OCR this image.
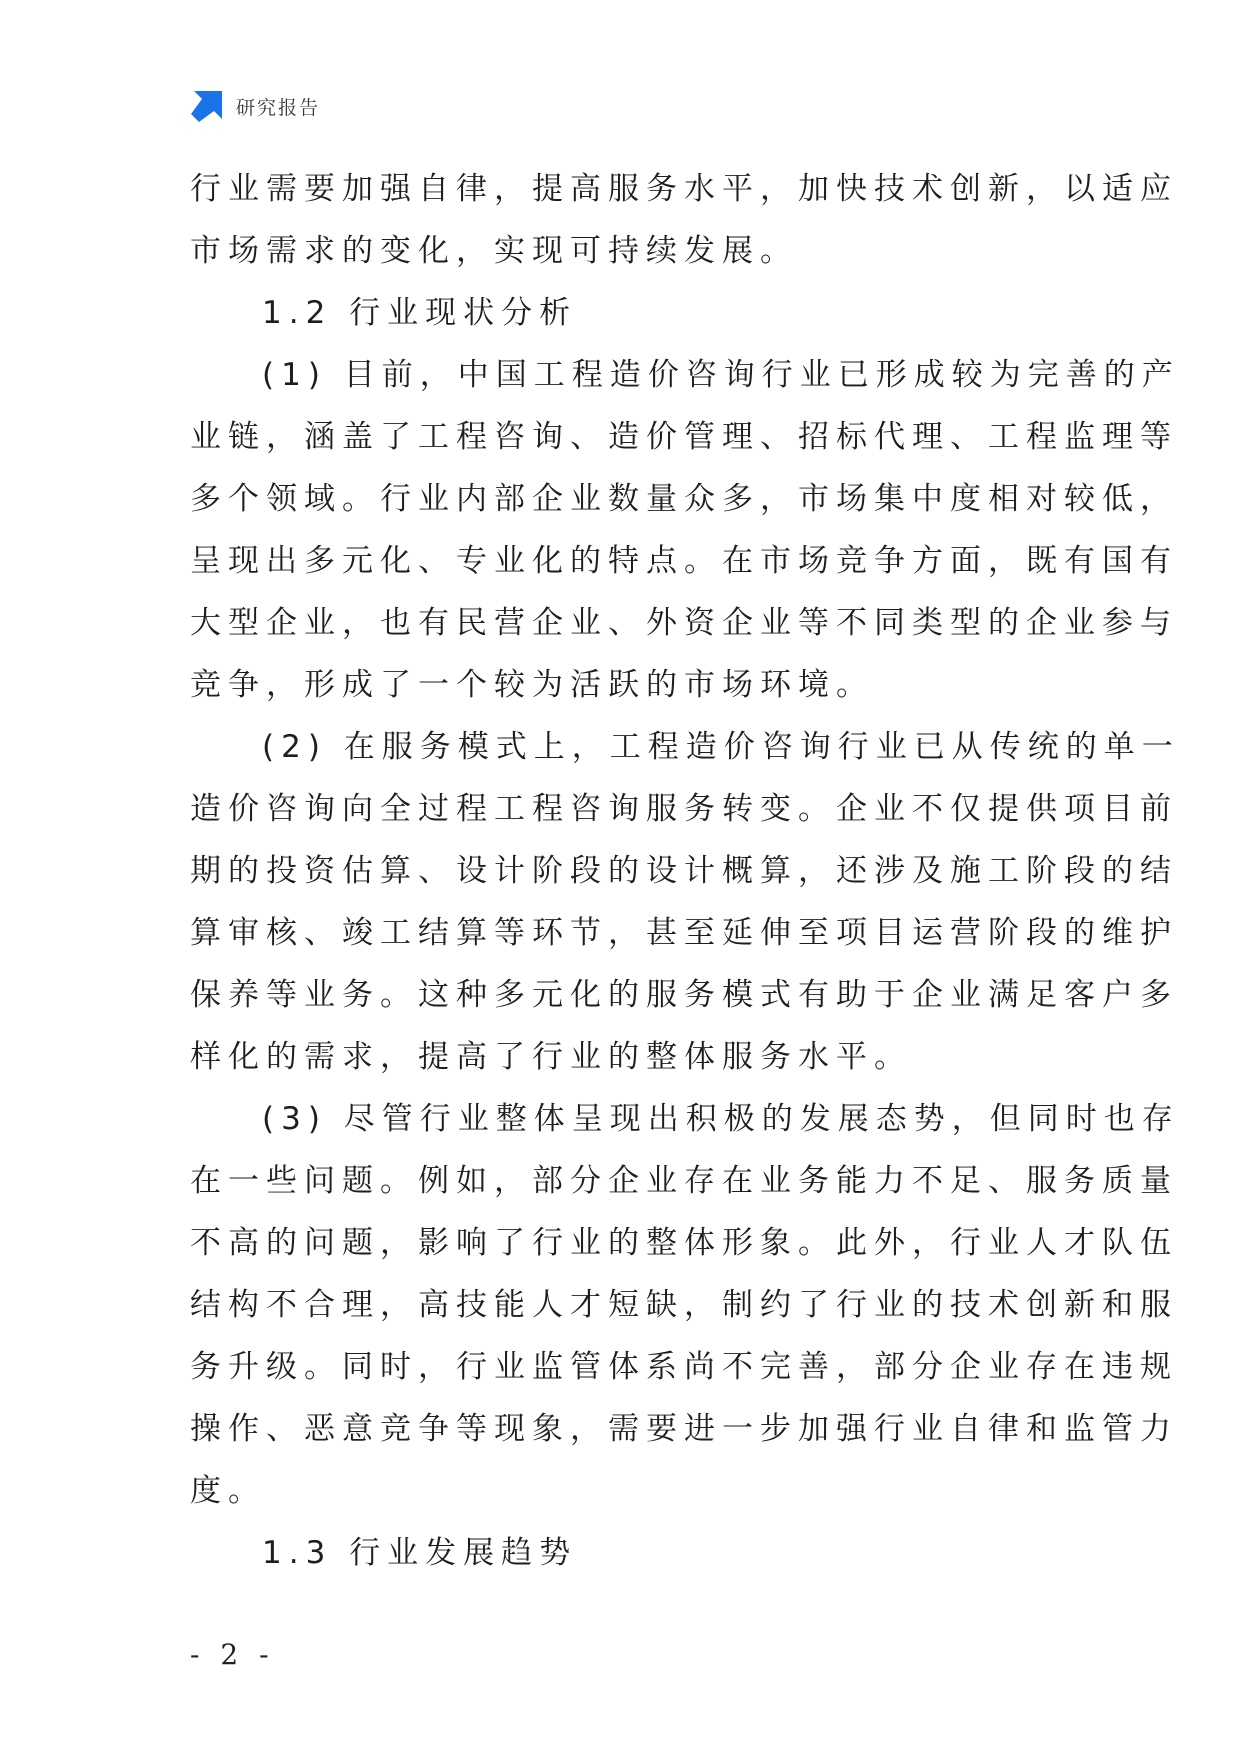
研究报告
行业需要加强自律，提高服务水平，加快技术创新，以适应
市场需求的变化，实现可持续发展。
1.2 行业现状分析
(1) 目前，中国工程造价咨询行业已形成较为完善的产
业链，涵盖了工程咨询、造价管理、招标代理、工程监理等
多个领域。行业内部企业数量众多，市场集中度相对较低，
呈现出多元化、专业化的特点。在市场竞争方面，既有国有
大型企业，也有民营企业、外资企业等不同类型的企业参与
竞争，形成了一个较为活跃的市场环境。
(2) 在服务模式上，工程造价咨询行业已从传统的单一
造价咨询向全过程工程咨询服务转变。企业不仅提供项目前
期的投资估算、设计阶段的设计概算，还涉及施工阶段的结
算审核、竣工结算等环节，甚至延伸至项目运营阶段的维护
保养等业务。这种多元化的服务模式有助于企业满足客户多
样化的需求，提高了行业的整体服务水平。
(3) 尽管行业整体呈现出积极的发展态势，但同时也存
在一些问题。例如，部分企业存在业务能力不足、服务质量
不高的问题，影响了行业的整体形象。此外，行业人才队伍
结构不合理，高技能人才短缺，制约了行业的技术创新和服
务升级。同时，行业监管体系尚不完善，部分企业存在违规
操作、恶意竞争等现象，需要进一步加强行业自律和监管力
度。
1.3 行业发展趋势
- 2 -
